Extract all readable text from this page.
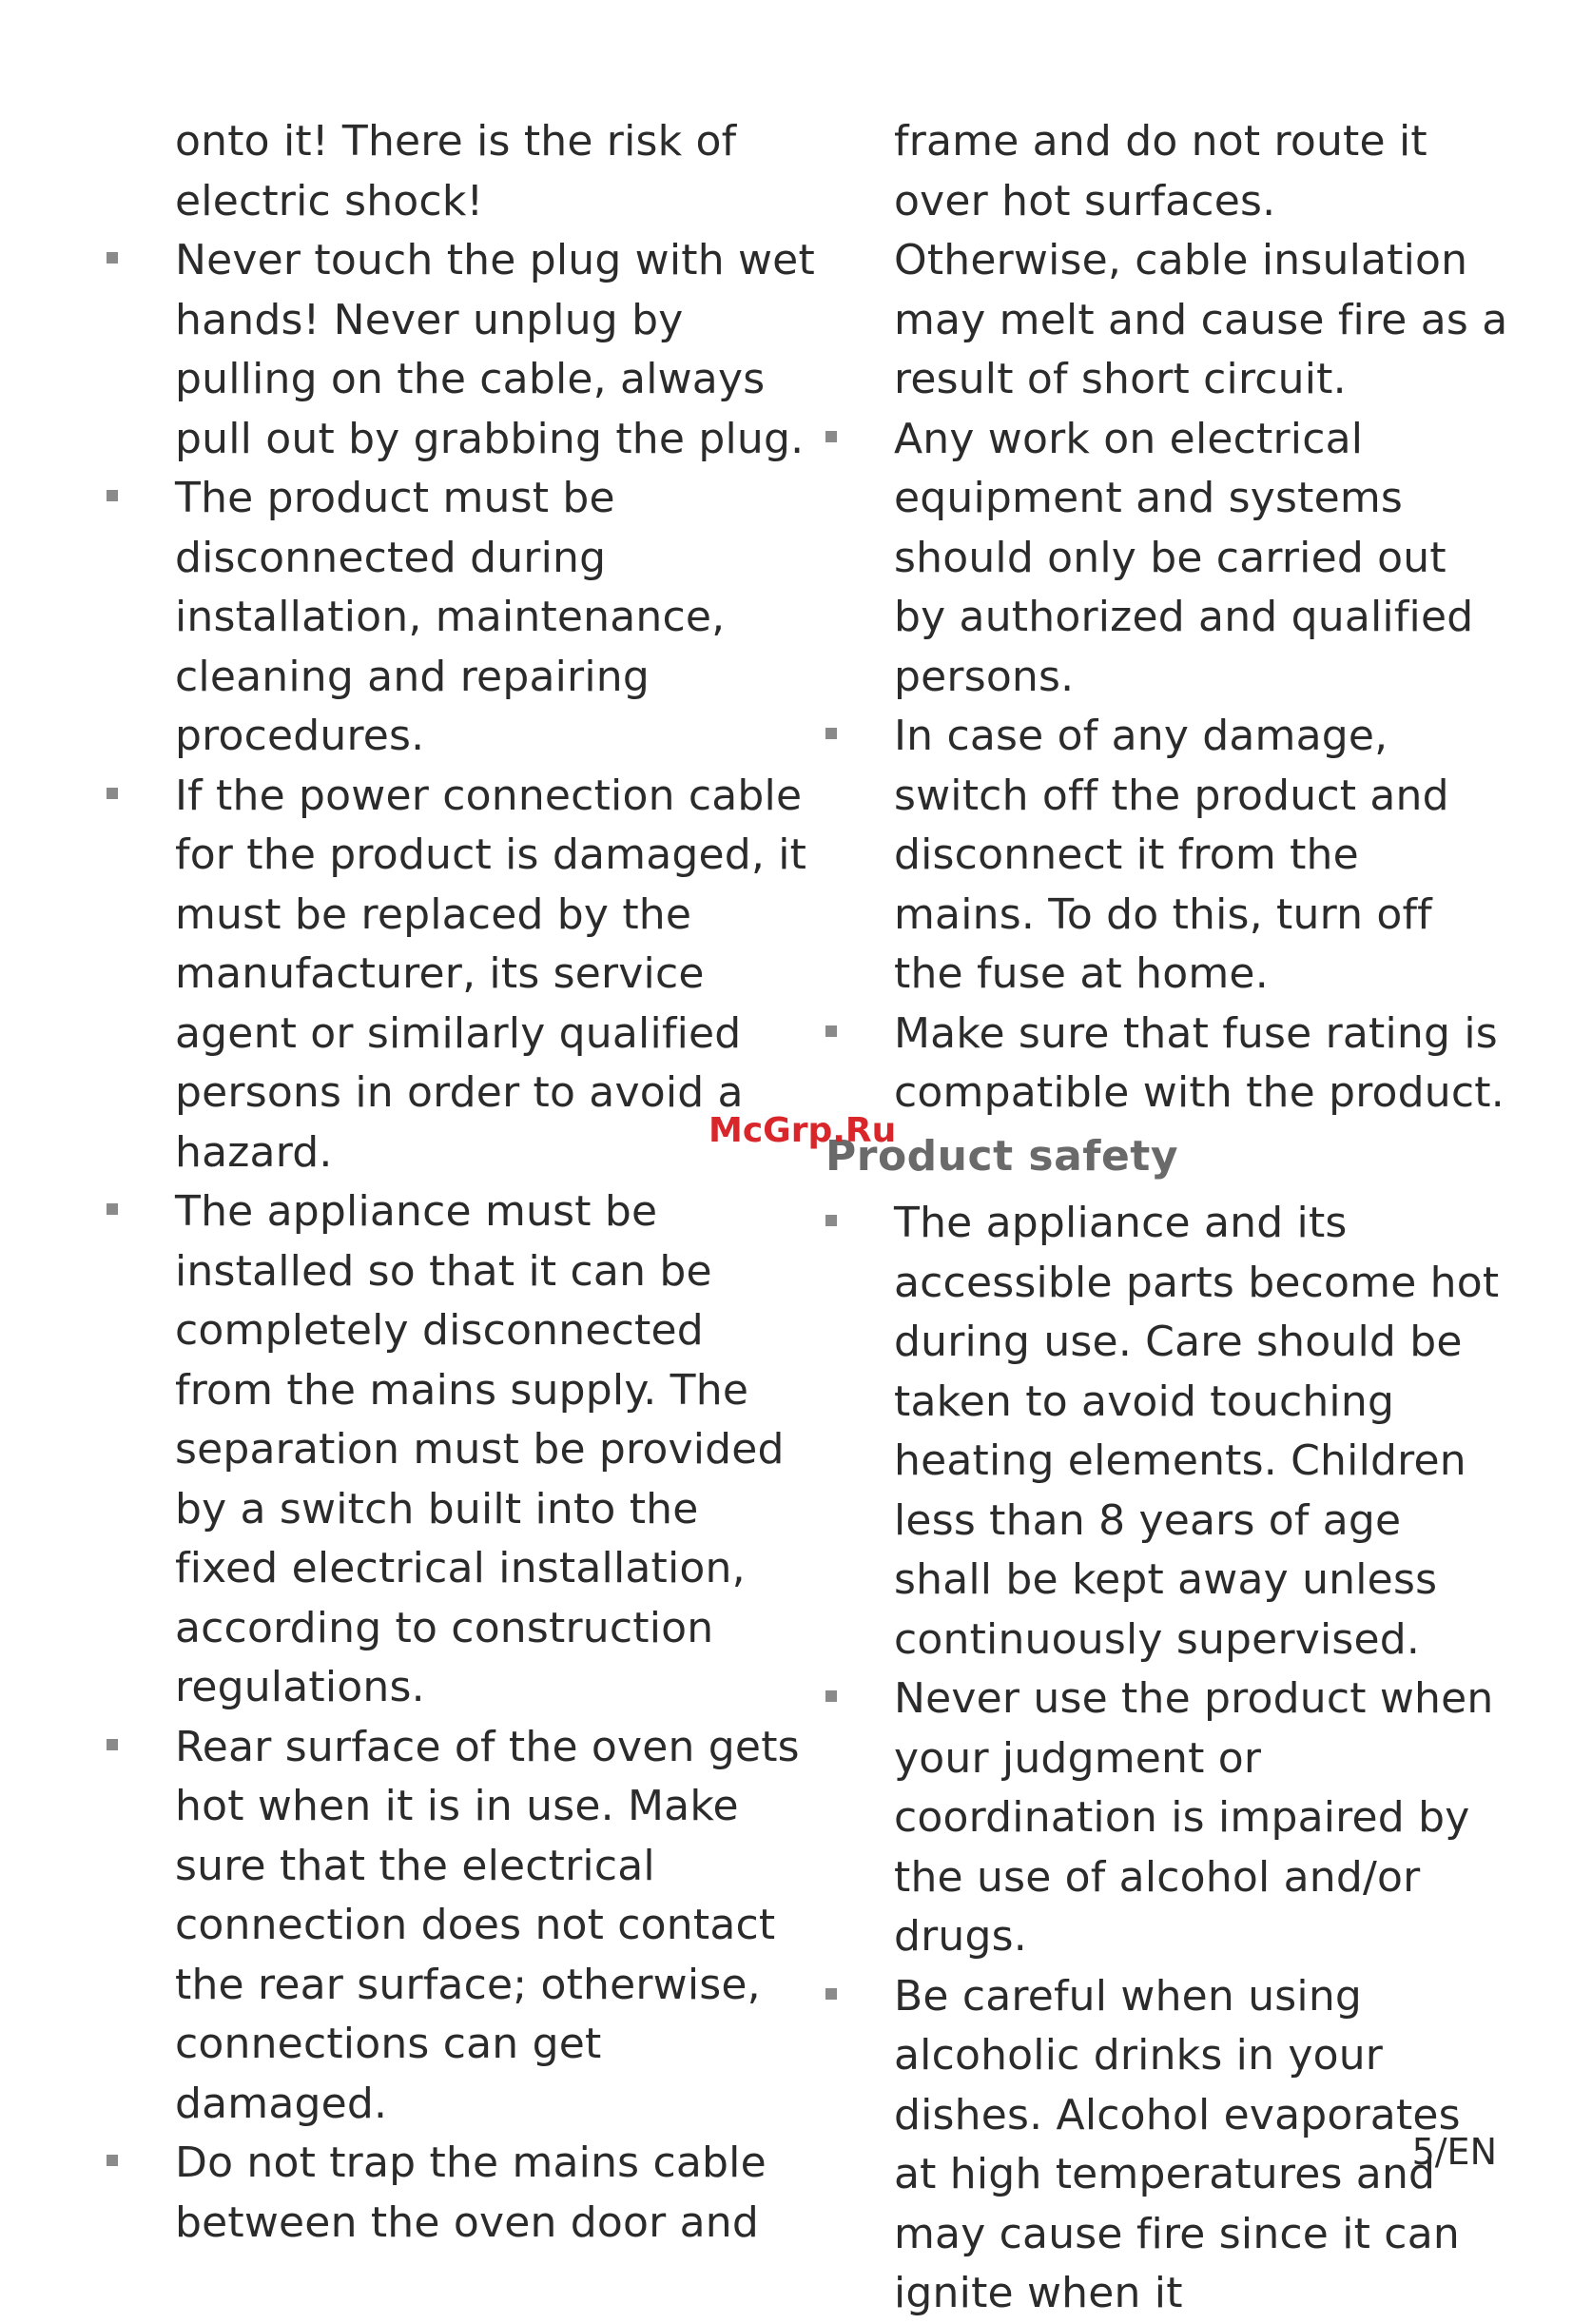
onto it! There is the risk of electric shock!

Never touch the plug with wet hands! Never unplug by pulling on the cable, always pull out by grabbing the plug.
The product must be disconnected during installation, maintenance, cleaning and repairing procedures.
If the power connection cable for the product is damaged, it must be replaced by the manufacturer, its service agent or similarly qualified persons in order to avoid a hazard.
The appliance must be installed so that it can be completely disconnected from the mains supply. The separation must be provided by a switch built into the fixed electrical installation, according to construction regulations.
Rear surface of the oven gets hot when it is in use. Make sure that the electrical connection does not contact the rear surface; otherwise, connections can get damaged.
Do not trap the mains cable between the oven door and

frame and do not route it over hot surfaces. Otherwise, cable insulation may melt and cause fire as a result of short circuit.

Any work on electrical equipment and systems should only be carried out by authorized and qualified persons.
In case of any damage, switch off the product and disconnect it from the mains. To do this, turn off the fuse at home.
Make sure that fuse rating is compatible with the product.
Product safety
The appliance and its accessible parts become hot during use. Care should be taken to avoid touching heating elements. Children less than 8 years of age shall be kept away unless continuously supervised.
Never use the product when your judgment or coordination is impaired by the use of alcohol and/or drugs.
Be careful when using alcoholic drinks in your dishes. Alcohol evaporates at high temperatures and may cause fire since it can ignite when it
McGrp.Ru
5/EN
